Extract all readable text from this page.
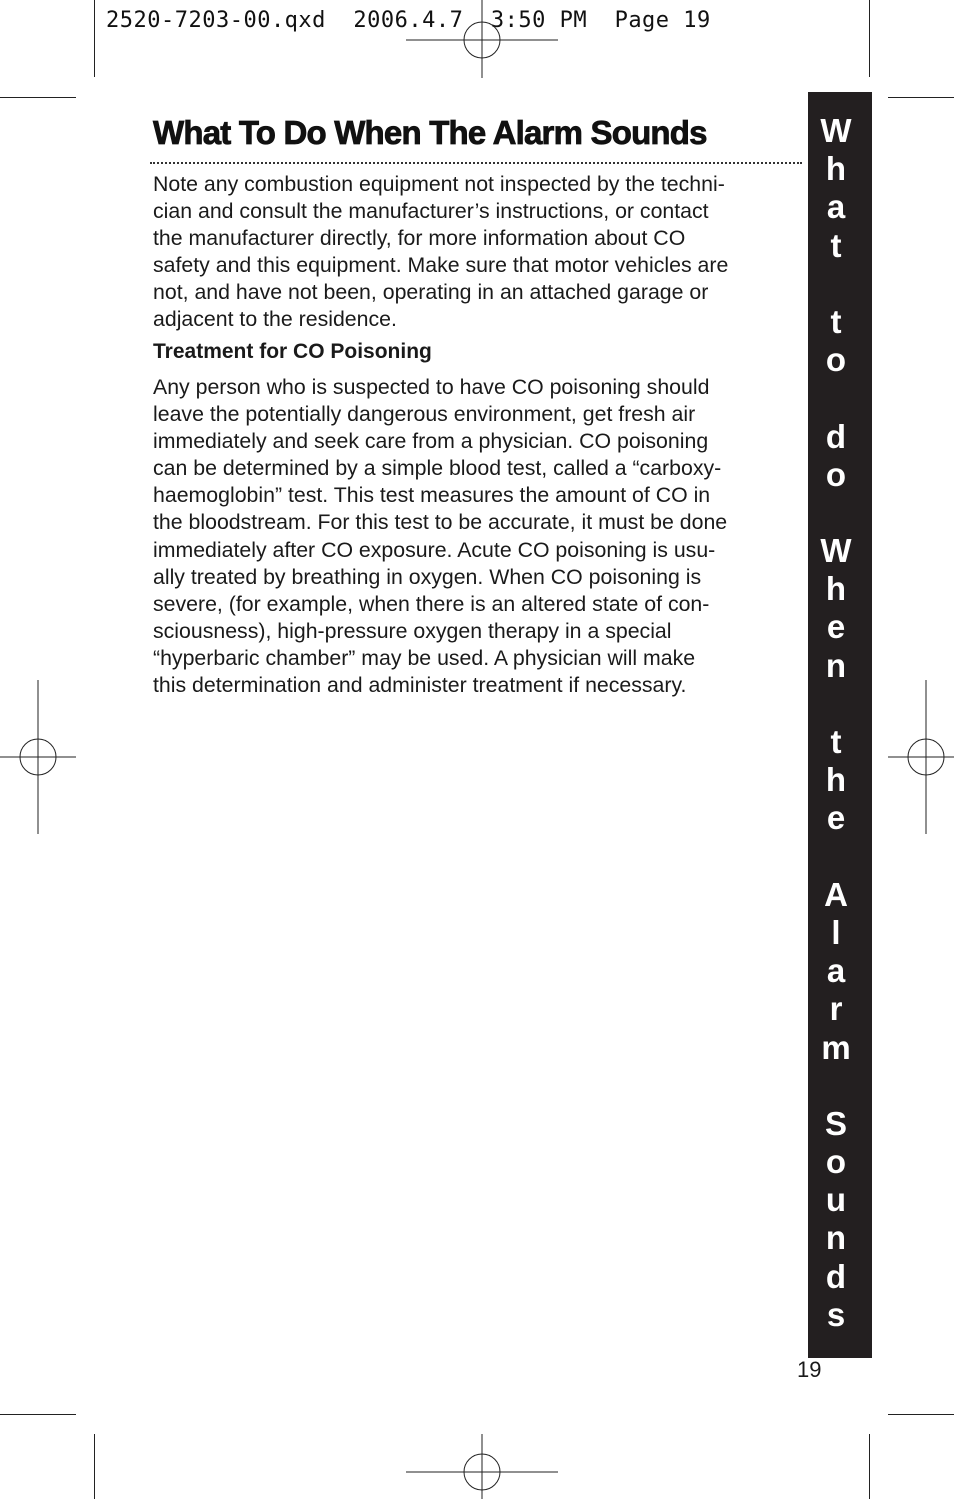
2520-7203-00.qxd  2006.4.7  3:50 PM  Page 19
What To Do When The Alarm Sounds
Note any combustion equipment not inspected by the techni-
cian and consult the manufacturer’s instructions, or contact
the manufacturer directly, for more information about CO
safety and this equipment. Make sure that motor vehicles are
not, and have not been, operating in an attached garage or
adjacent to the residence.
Treatment for CO Poisoning
Any person who is suspected to have CO poisoning should
leave the potentially dangerous environment, get fresh air
immediately and seek care from a physician. CO poisoning
can be determined by a simple blood test, called a “carboxy-
haemoglobin” test. This test measures the amount of CO in
the bloodstream. For this test to be accurate, it must be done
immediately after CO exposure. Acute CO poisoning is usu-
ally treated by breathing in oxygen. When CO poisoning is
severe, (for example, when there is an altered state of con-
sciousness), high-pressure oxygen therapy in a special
“hyperbaric chamber” may be used. A physician will make
this determination and administer treatment if necessary.
W
h
a
t

t
o

d
o

W
h
e
n

t
h
e

A
l
a
r
m

S
o
u
n
d
s
19
